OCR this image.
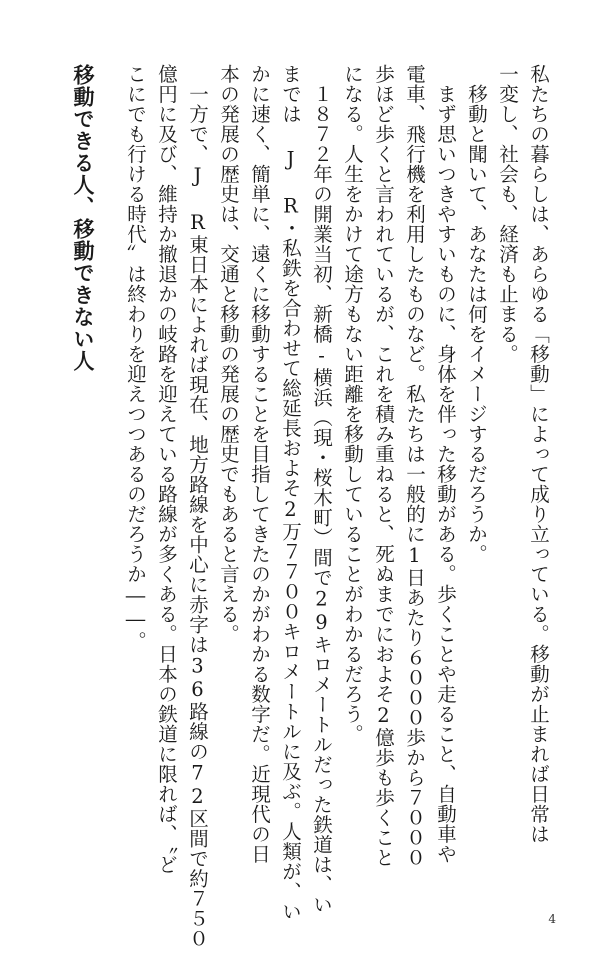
私たちの暮らしは、あらゆる「移動」によって成り立っている。移動が止まれば日常は
一変し、社会も、経済も止まる。

移動と聞いて、あなたは何をイメージするだろうか。

まず思いつきやすいものに、身体を伴った移動がある。歩くことや走ること、自動車や
電車、飛行機を利用したものなど。私たちは一般的に1日あたり６０００歩から７０００
歩ほど歩くと言われているが、これを積み重ねると、死ぬまでにおよそ2億歩も歩くこと
になる。人生をかけて途方もない距離を移動していることがわかるだろう。

１８７２年の開業当初、新橋‐横浜（現・桜木町）間で29キロメートルだった鉄道は、い
までは J R・私鉄を合わせて総延長およそ2万７７００キロメートルに及ぶ。人類が、い
かに速く、簡単に、遠くに移動することを目指してきたのかがわかる数字だ。近現代の日
本の発展の歴史は、交通と移動の発展の歴史でもあると言える。

一方で、J R東日本によれば現在、地方路線を中心に赤字は36路線の72区間で約７５０
億円に及び、維持か撤退かの岐路を迎えている路線が多くある。日本の鉄道に限れば、〝ど
こにでも行ける時代〟は終わりを迎えつつあるのだろうか――。

移動できる人、移動できない人
4
